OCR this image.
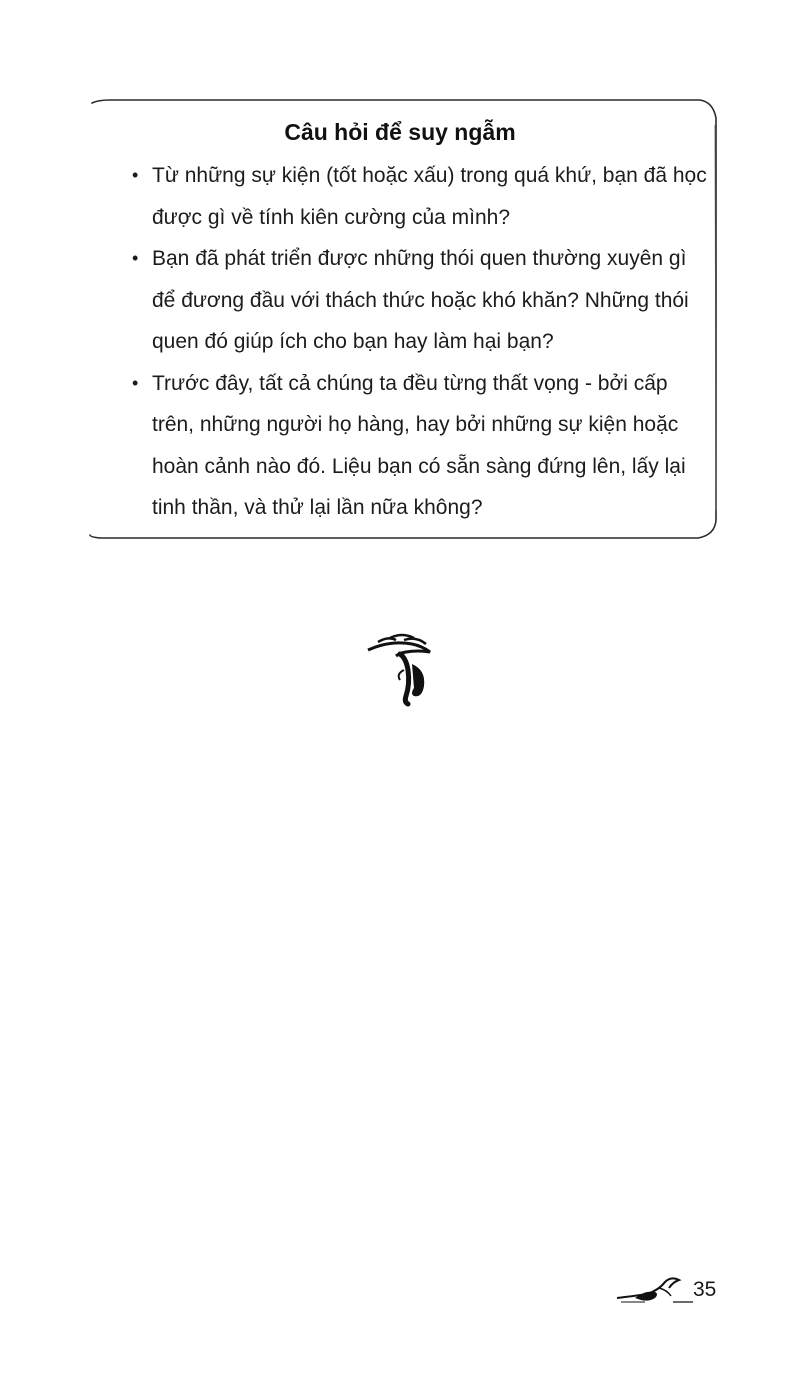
Câu hỏi để suy ngẫm
• Từ những sự kiện (tốt hoặc xấu) trong quá khứ, bạn đã học được gì về tính kiên cường của mình?
• Bạn đã phát triển được những thói quen thường xuyên gì để đương đầu với thách thức hoặc khó khăn? Những thói quen đó giúp ích cho bạn hay làm hại bạn?
• Trước đây, tất cả chúng ta đều từng thất vọng - bởi cấp trên, những người họ hàng, hay bởi những sự kiện hoặc hoàn cảnh nào đó. Liệu bạn có sẵn sàng đứng lên, lấy lại tinh thần, và thử lại lần nữa không?
35
